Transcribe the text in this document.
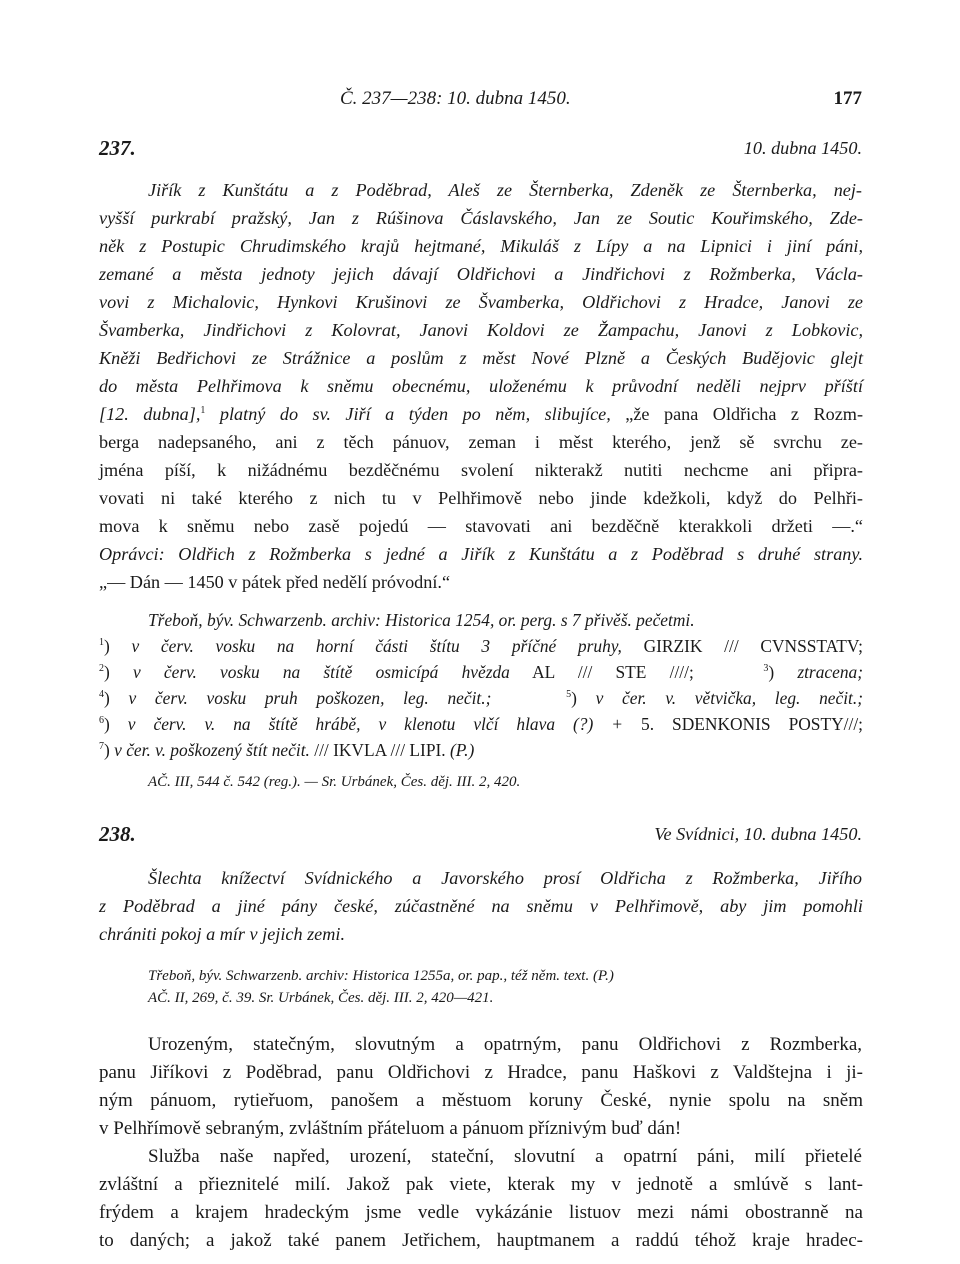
Č. 237—238: 10. dubna 1450.	177
237.	10. dubna 1450.
Jiřík z Kunštátu a z Poděbrad, Aleš ze Šternberka, Zdeněk ze Šternberka, nej-
vyšší purkrabí pražský, Jan z Rúšinova Čáslavského, Jan ze Soutic Kouřimského, Zde-
něk z Postupic Chrudimského krajů hejtmané, Mikuláš z Lípy a na Lipnici i jiní páni,
zemané a města jednoty jejich dávají Oldřichovi a Jindřichovi z Rožmberka, Václa-
vovi z Michalovic, Hynkovi Krušinovi ze Švamberka, Oldřichovi z Hradce, Janovi ze
Švamberka, Jindřichovi z Kolovrat, Janovi Koldovi ze Žampachu, Janovi z Lobkovic,
Kněži Bedřichovi ze Strážnice a poslům z měst Nové Plzně a Českých Budějovic glejt
do města Pelhřimova k sněmu obecnému, uloženému k průvodní neděli nejprv příští
[12. dubna],$^1$ platný do sv. Jiří a týden po něm, slibujíce, „že pana Oldřicha z Rozm-
berga nadepsaného, ani z těch pánuov, zeman i měst kterého, jenž sě svrchu ze-
jména píší, k nižádnému bezděčnému svolení nikterakž nutiti nechcme ani připra-
vovati ni také kterého z nich tu v Pelhřimově nebo jinde kdežkoli, když do Pelhři-
mova k sněmu nebo zasě pojedú — stavovati ani bezděčně kterakkoli držeti —.“
Oprávci: Oldřich z Rožmberka s jedné a Jiřík z Kunštátu a z Poděbrad s druhé strany.
„— Dán — 1450 v pátek před nedělí próvodní.“
Třeboň, býv. Schwarzenb. archiv: Historica 1254, or. perg. s 7 přivěš. pečetmi.
$^1$) v červ. vosku na horní části štítu 3 příčné pruhy, GIRZIK /// CVNSSTATV;
$^2$) v červ. vosku na štítě osmicípá hvězda AL /// STE ////;	$^3$) ztracena;
$^4$) v červ. vosku pruh poškozen, leg. nečit.;	$^5$) v čer. v. větvička, leg. nečit.;
$^6$) v červ. v. na štítě hrábě, v klenotu vlčí hlava (?) + 5. SDENKONIS POSTY///;
$^7$) v čer. v. poškozený štít nečit. /// IKVLA /// LIPI. (P.)
AČ. III, 544 č. 542 (reg.). — Sr. Urbánek, Čes. děj. III. 2, 420.
238.	Ve Svídnici, 10. dubna 1450.
Šlechta knížectví Svídnického a Javorského prosí Oldřicha z Rožmberka, Jiřího
z Poděbrad a jiné pány české, zúčastněné na sněmu v Pelhřimově, aby jim pomohli
chrániti pokoj a mír v jejich zemi.
Třeboň, býv. Schwarzenb. archiv: Historica 1255a, or. pap., též něm. text. (P.)
AČ. II, 269, č. 39. Sr. Urbánek, Čes. děj. III. 2, 420—421.
Urozeným, statečným, slovutným a opatrným, panu Oldřichovi z Rozmberka,
panu Jiříkovi z Poděbrad, panu Oldřichovi z Hradce, panu Haškovi z Valdštejna i ji-
ným pánuom, rytieřuom, panošem a městuom koruny České, nynie spolu na sněm
v Pelhřímově sebraným, zvláštním přáteluom a pánuom příznivým buď dán!
Služba naše napřed, urození, stateční, slovutní a opatrní páni, milí přietelé
zvláštní a přieznitelé milí. Jakož pak viete, kterak my v jednotě a smlúvě s lant-
frýdem a krajem hradeckým jsme vedle vykázánie listuov mezi námi obostranně na
to daných; a jakož také panem Jetřichem, hauptmanem a raddú téhož kraje hradec-
